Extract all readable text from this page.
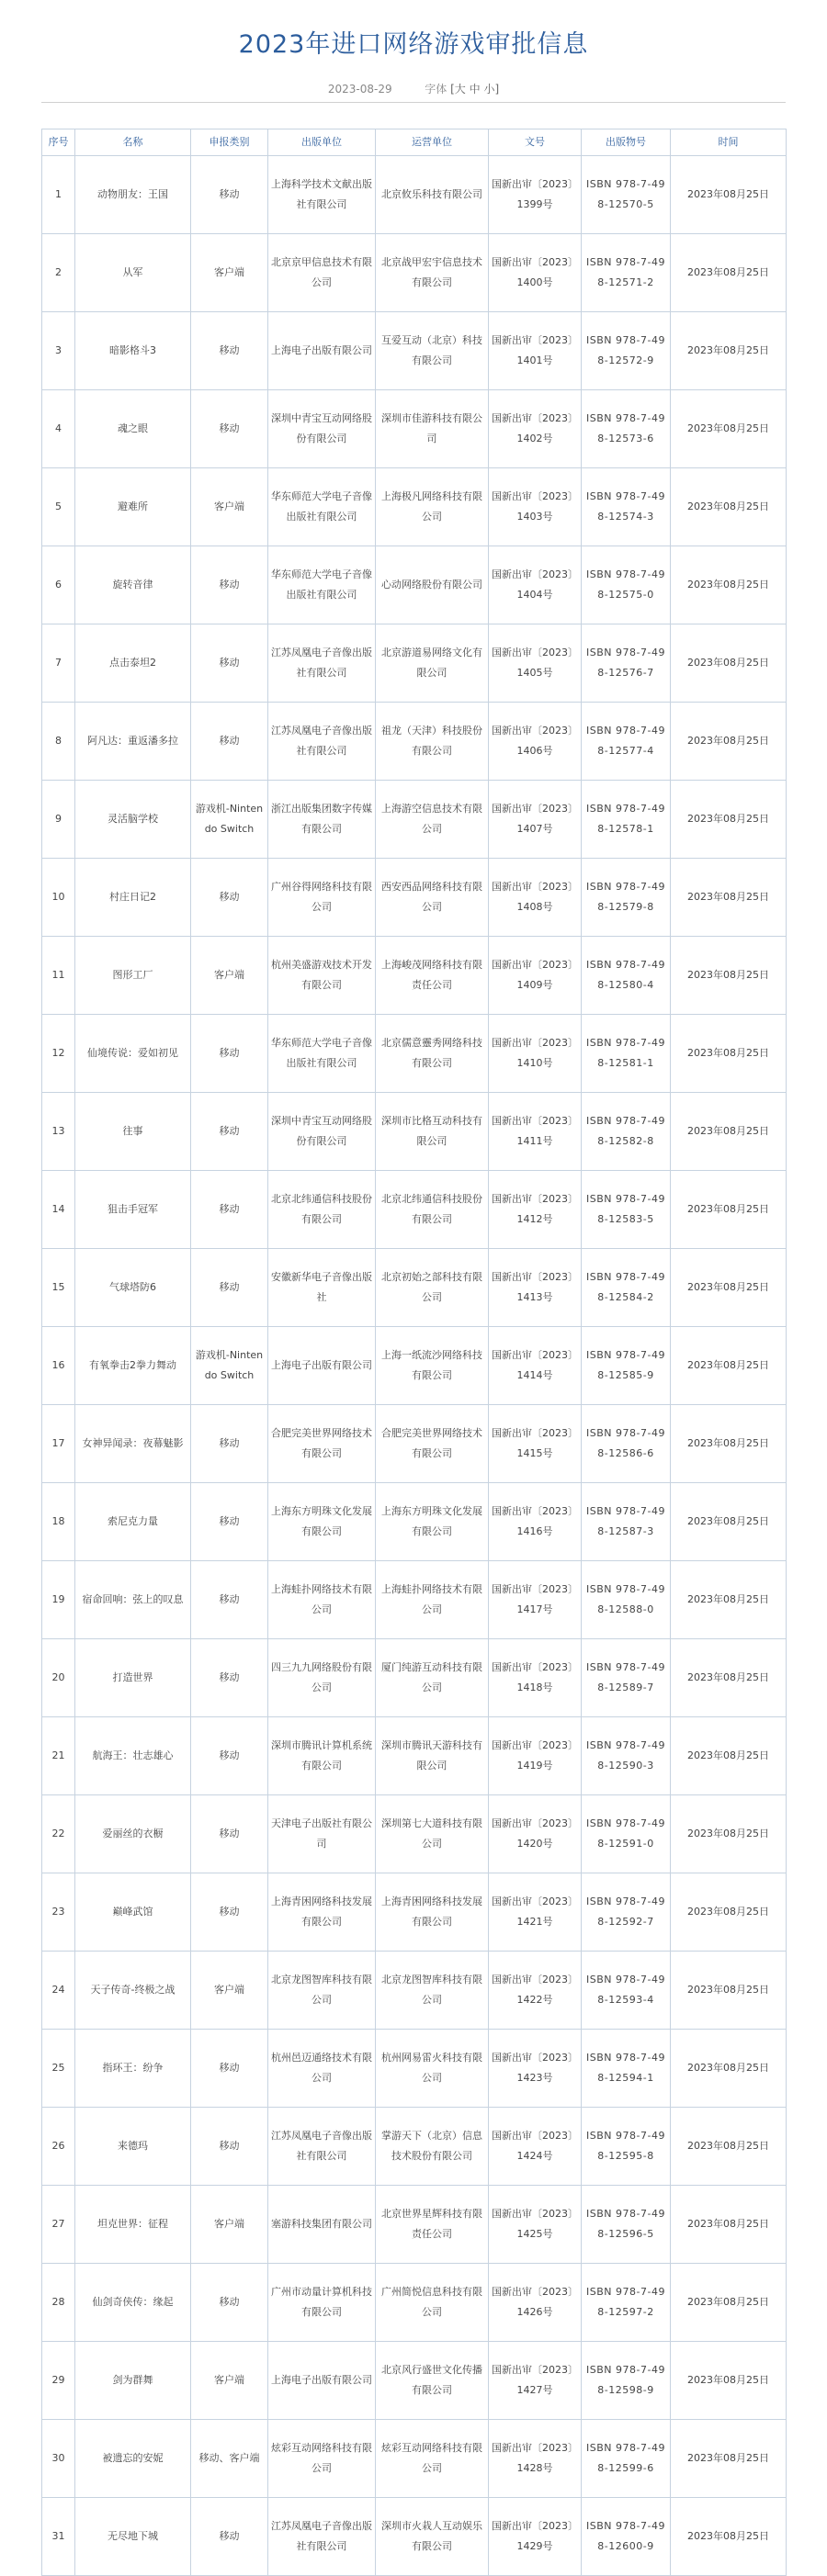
2023年进口网络游戏审批信息
2023-08-29	字体 [大 中 小]
序号	名称	申报类别	出版单位	运营单位	文号	出版物号	时间
1	动物朋友：王国	移动	上海科学技术文献出版社有限公司	北京攸乐科技有限公司	国新出审〔2023〕1399号	ISBN 978-7-498-12570-5	2023年08月25日
2	从军	客户端	北京京甲信息技术有限公司	北京战甲宏宇信息技术有限公司	国新出审〔2023〕1400号	ISBN 978-7-498-12571-2	2023年08月25日
3	暗影格斗3	移动	上海电子出版有限公司	互爱互动（北京）科技有限公司	国新出审〔2023〕1401号	ISBN 978-7-498-12572-9	2023年08月25日
4	魂之眼	移动	深圳中青宝互动网络股份有限公司	深圳市佳游科技有限公司	国新出审〔2023〕1402号	ISBN 978-7-498-12573-6	2023年08月25日
5	避难所	客户端	华东师范大学电子音像出版社有限公司	上海极凡网络科技有限公司	国新出审〔2023〕1403号	ISBN 978-7-498-12574-3	2023年08月25日
6	旋转音律	移动	华东师范大学电子音像出版社有限公司	心动网络股份有限公司	国新出审〔2023〕1404号	ISBN 978-7-498-12575-0	2023年08月25日
7	点击泰坦2	移动	江苏凤凰电子音像出版社有限公司	北京游道易网络文化有限公司	国新出审〔2023〕1405号	ISBN 978-7-498-12576-7	2023年08月25日
8	阿凡达：重返潘多拉	移动	江苏凤凰电子音像出版社有限公司	祖龙（天津）科技股份有限公司	国新出审〔2023〕1406号	ISBN 978-7-498-12577-4	2023年08月25日
9	灵活脑学校	游戏机-Nintendo Switch	浙江出版集团数字传媒有限公司	上海游空信息技术有限公司	国新出审〔2023〕1407号	ISBN 978-7-498-12578-1	2023年08月25日
10	村庄日记2	移动	广州谷得网络科技有限公司	西安西品网络科技有限公司	国新出审〔2023〕1408号	ISBN 978-7-498-12579-8	2023年08月25日
11	图形工厂	客户端	杭州美盛游戏技术开发有限公司	上海峻茂网络科技有限责任公司	国新出审〔2023〕1409号	ISBN 978-7-498-12580-4	2023年08月25日
12	仙境传说：爱如初见	移动	华东师范大学电子音像出版社有限公司	北京儒意靈秀网络科技有限公司	国新出审〔2023〕1410号	ISBN 978-7-498-12581-1	2023年08月25日
13	往事	移动	深圳中青宝互动网络股份有限公司	深圳市比格互动科技有限公司	国新出审〔2023〕1411号	ISBN 978-7-498-12582-8	2023年08月25日
14	狙击手冠军	移动	北京北纬通信科技股份有限公司	北京北纬通信科技股份有限公司	国新出审〔2023〕1412号	ISBN 978-7-498-12583-5	2023年08月25日
15	气球塔防6	移动	安徽新华电子音像出版社	北京初始之部科技有限公司	国新出审〔2023〕1413号	ISBN 978-7-498-12584-2	2023年08月25日
16	有氧拳击2拳力舞动	游戏机-Nintendo Switch	上海电子出版有限公司	上海一纸流沙网络科技有限公司	国新出审〔2023〕1414号	ISBN 978-7-498-12585-9	2023年08月25日
17	女神异闻录：夜幕魅影	移动	合肥完美世界网络技术有限公司	合肥完美世界网络技术有限公司	国新出审〔2023〕1415号	ISBN 978-7-498-12586-6	2023年08月25日
18	索尼克力量	移动	上海东方明珠文化发展有限公司	上海东方明珠文化发展有限公司	国新出审〔2023〕1416号	ISBN 978-7-498-12587-3	2023年08月25日
19	宿命回响：弦上的叹息	移动	上海蛙扑网络技术有限公司	上海蛙扑网络技术有限公司	国新出审〔2023〕1417号	ISBN 978-7-498-12588-0	2023年08月25日
20	打造世界	移动	四三九九网络股份有限公司	厦门纯游互动科技有限公司	国新出审〔2023〕1418号	ISBN 978-7-498-12589-7	2023年08月25日
21	航海王：壮志雄心	移动	深圳市腾讯计算机系统有限公司	深圳市腾讯天游科技有限公司	国新出审〔2023〕1419号	ISBN 978-7-498-12590-3	2023年08月25日
22	爱丽丝的衣橱	移动	天津电子出版社有限公司	深圳第七大道科技有限公司	国新出审〔2023〕1420号	ISBN 978-7-498-12591-0	2023年08月25日
23	巅峰武馆	移动	上海青困网络科技发展有限公司	上海青困网络科技发展有限公司	国新出审〔2023〕1421号	ISBN 978-7-498-12592-7	2023年08月25日
24	天子传奇-终极之战	客户端	北京龙图智库科技有限公司	北京龙图智库科技有限公司	国新出审〔2023〕1422号	ISBN 978-7-498-12593-4	2023年08月25日
25	指环王：纷争	移动	杭州邑迈通络技术有限公司	杭州网易雷火科技有限公司	国新出审〔2023〕1423号	ISBN 978-7-498-12594-1	2023年08月25日
26	来德玛	移动	江苏凤凰电子音像出版社有限公司	掌游天下（北京）信息技术股份有限公司	国新出审〔2023〕1424号	ISBN 978-7-498-12595-8	2023年08月25日
27	坦克世界：征程	客户端	塞游科技集团有限公司	北京世界星辉科技有限责任公司	国新出审〔2023〕1425号	ISBN 978-7-498-12596-5	2023年08月25日
28	仙剑奇侠传：缘起	移动	广州市动量计算机科技有限公司	广州简悦信息科技有限公司	国新出审〔2023〕1426号	ISBN 978-7-498-12597-2	2023年08月25日
29	剑为群舞	客户端	上海电子出版有限公司	北京风行盛世文化传播有限公司	国新出审〔2023〕1427号	ISBN 978-7-498-12598-9	2023年08月25日
30	被遗忘的安妮	移动、客户端	炫彩互动网络科技有限公司	炫彩互动网络科技有限公司	国新出审〔2023〕1428号	ISBN 978-7-498-12599-6	2023年08月25日
31	无尽地下城	移动	江苏凤凰电子音像出版社有限公司	深圳市火栽人互动娱乐有限公司	国新出审〔2023〕1429号	ISBN 978-7-498-12600-9	2023年08月25日
